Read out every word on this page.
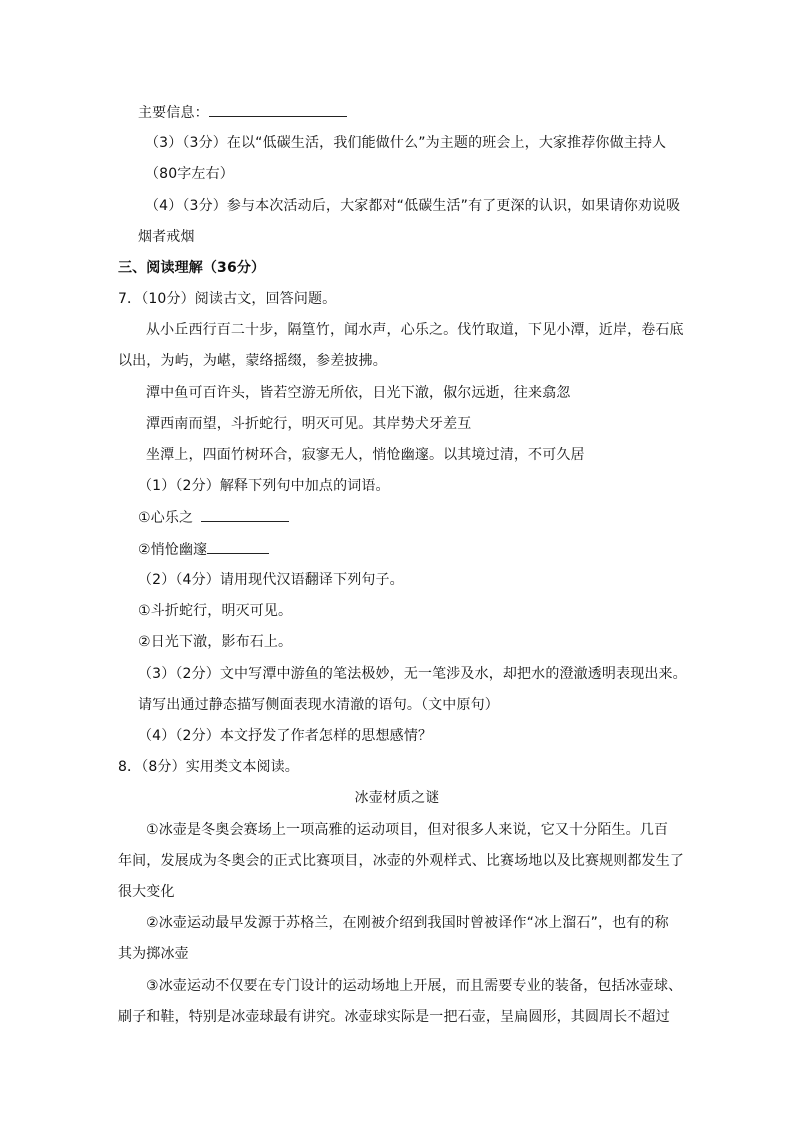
主要信息：
（3）（3分）在以“低碳生活，我们能做什么”为主题的班会上，大家推荐你做主持人
（80字左右）
（4）（3分）参与本次活动后，大家都对“低碳生活”有了更深的认识，如果请你劝说吸
烟者戒烟
三、阅读理解（36分）
7．（10分）阅读古文，回答问题。
从小丘西行百二十步，隔篁竹，闻水声，心乐之。伐竹取道，下见小潭，近岸，卷石底
以出，为屿，为嵁，蒙络摇缀，参差披拂。
潭中鱼可百许头，皆若空游无所依，日光下澈，俶尔远逝，往来翕忽
潭西南而望，斗折蛇行，明灭可见。其岸势犬牙差互
坐潭上，四面竹树环合，寂寥无人，悄怆幽邃。以其境过清，不可久居
（1）（2分）解释下列句中加点的词语。
①心乐之
②悄怆幽邃
（2）（4分）请用现代汉语翻译下列句子。
①斗折蛇行，明灭可见。
②日光下澈，影布石上。
（3）（2分）文中写潭中游鱼的笔法极妙，无一笔涉及水，却把水的澄澈透明表现出来。
请写出通过静态描写侧面表现水清澈的语句。（文中原句）
（4）（2分）本文抒发了作者怎样的思想感情？
8．（8分）实用类文本阅读。
冰壶材质之谜
①冰壶是冬奥会赛场上一项高雅的运动项目，但对很多人来说，它又十分陌生。几百
年间，发展成为冬奥会的正式比赛项目，冰壶的外观样式、比赛场地以及比赛规则都发生了
很大变化
②冰壶运动最早发源于苏格兰，在刚被介绍到我国时曾被译作“冰上溜石”，也有的称
其为掷冰壶
③冰壶运动不仅要在专门设计的运动场地上开展，而且需要专业的装备，包括冰壶球、
刷子和鞋，特别是冰壶球最有讲究。冰壶球实际是一把石壶，呈扁圆形，其圆周长不超过
